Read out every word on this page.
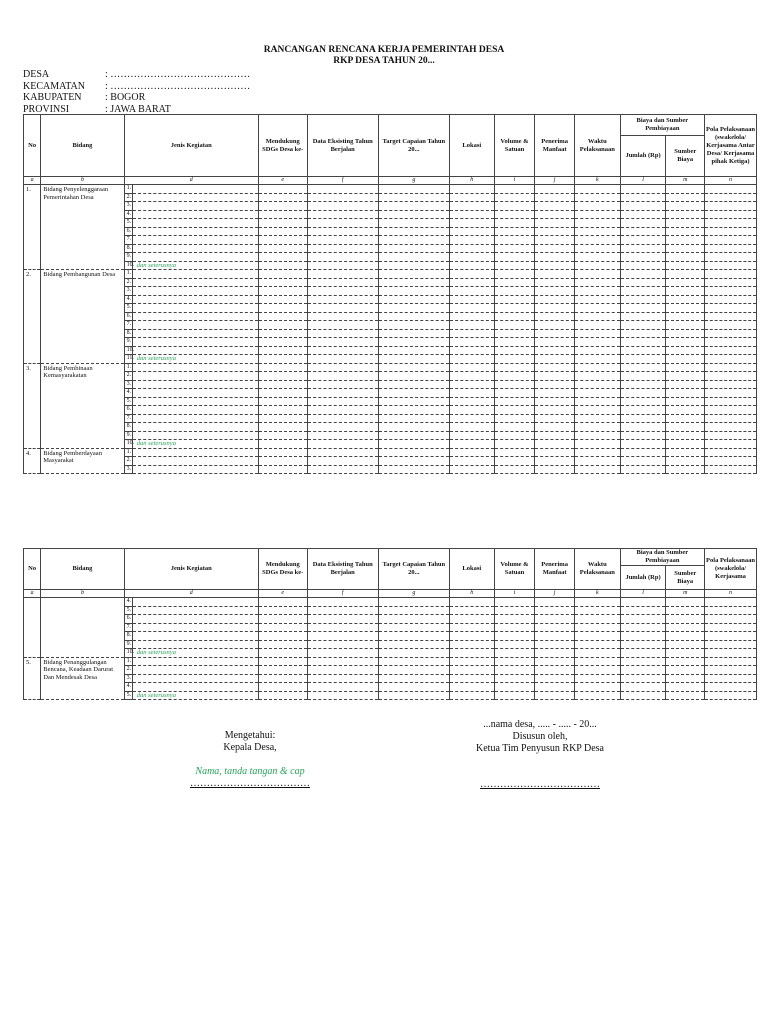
RANCANGAN RENCANA KERJA PEMERINTAH DESA
RKP DESA TAHUN 20...
DESA	: ……………………………………
KECAMATAN	: ……………………………………
KABUPATEN	: BOGOR
PROVINSI	: JAWA BARAT
No	Bidang	Jenis Kegiatan		Mendukung SDGs Desa ke-	Data Eksisting Tahun Berjalan	Target Capaian Tahun 20...	Lokasi	Volume & Satuan	Penerima Manfaat	Waktu Pelaksanaan	Biaya dan Sumber Pembiayaan		Pola Pelaksanaan (swakelola/ Kerjasama Antar Desa/ Kerjasama pihak Ketiga)
											Jumlah (Rp)	Sumber Biaya	
a	b	d		e	f	g	h	i	j	k	l	m	n
1.	Bidang Penyelenggaraan Pemerintahan Desa	1.											
		2.											
		3.											
		4.											
		5.											
		6.											
		7.											
		8.											
		9.											
		10.	dan seterusnya										
2.	Bidang Pembangunan Desa	1.											
		2.											
		3.											
		4.											
		5.											
		6.											
		7.											
		8.											
		9.											
		10.											
		11.	dan seterusnya										
3.	Bidang Pembinaan Kemasyarakatan	1.											
		2.											
		3.											
		4.											
		5.											
		6.											
		7.											
		8.											
		9.											
		10.	dan seterusnya										
4.	Bidang Pemberdayaan Masyarakat	1.											
		2.											
		3.											
No	Bidang	Jenis Kegiatan		Mendukung SDGs Desa ke-	Data Eksisting Tahun Berjalan	Target Capaian Tahun 20...	Lokasi	Volume & Satuan	Penerima Manfaat	Waktu Pelaksanaan	Biaya dan Sumber Pembiayaan		Pola Pelaksanaan (swakelola/ Kerjasama
											Jumlah (Rp)	Sumber Biaya	
a	b	d		e	f	g	h	i	j	k	l	m	n
		4.											
		5.											
		6.											
		7.											
		8.											
		9.											
		10.	dan seterusnya										
5.	Bidang Penanggulangan Bencana, Keadaan Darurat Dan Mendesak Desa	1.											
		2.											
		3.											
		4.											
		5.	dan seterusnya										
Mengetahui:
Kepala Desa,
Nama, tanda tangan & cap
………………………………
...nama desa, ..... - ..... - 20...
Disusun oleh,
Ketua Tim Penyusun RKP Desa
………………………………
